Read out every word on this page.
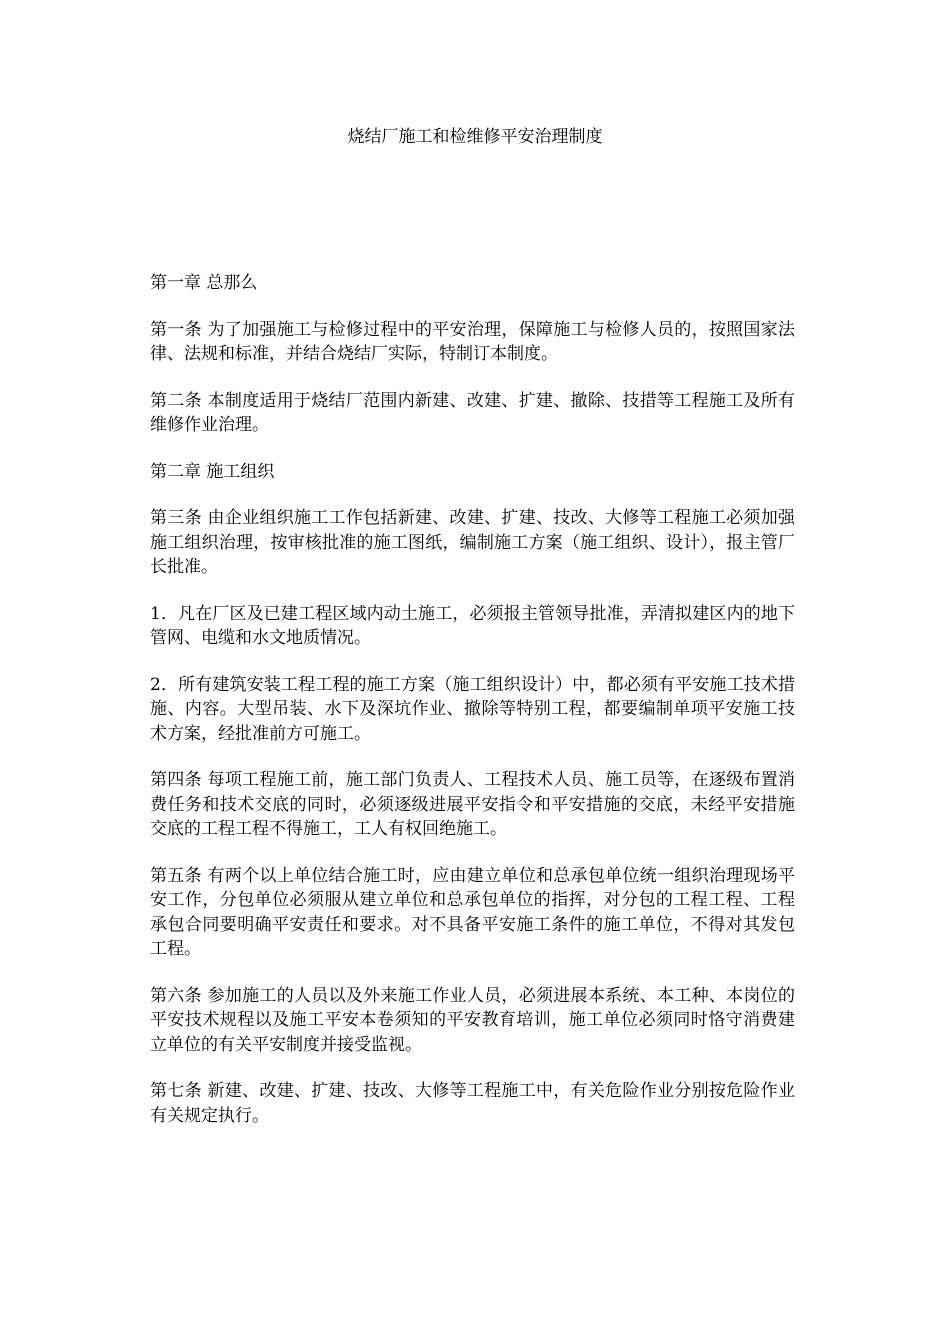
烧结厂施工和检维修平安治理制度

第一章 总那么

第一条 为了加强施工与检修过程中的平安治理，保障施工与检修人员的，按照国家法律、法规和标准，并结合烧结厂实际，特制订本制度。

第二条 本制度适用于烧结厂范围内新建、改建、扩建、撤除、技措等工程施工及所有维修作业治理。

第二章 施工组织

第三条 由企业组织施工工作包括新建、改建、扩建、技改、大修等工程施工必须加强施工组织治理，按审核批准的施工图纸，编制施工方案（施工组织、设计），报主管厂长批准。

1．凡在厂区及已建工程区域内动土施工，必须报主管领导批准，弄清拟建区内的地下管网、电缆和水文地质情况。

2．所有建筑安装工程工程的施工方案（施工组织设计）中，都必须有平安施工技术措施、内容。大型吊装、水下及深坑作业、撤除等特别工程，都要编制单项平安施工技术方案，经批准前方可施工。

第四条 每项工程施工前，施工部门负责人、工程技术人员、施工员等，在逐级布置消费任务和技术交底的同时，必须逐级进展平安指令和平安措施的交底，未经平安措施交底的工程工程不得施工，工人有权回绝施工。

第五条 有两个以上单位结合施工时，应由建立单位和总承包单位统一组织治理现场平安工作，分包单位必须服从建立单位和总承包单位的指挥，对分包的工程工程、工程承包合同要明确平安责任和要求。对不具备平安施工条件的施工单位，不得对其发包工程。

第六条 参加施工的人员以及外来施工作业人员，必须进展本系统、本工种、本岗位的平安技术规程以及施工平安本卷须知的平安教育培训，施工单位必须同时恪守消费建立单位的有关平安制度并接受监视。

第七条 新建、改建、扩建、技改、大修等工程施工中，有关危险作业分别按危险作业有关规定执行。
